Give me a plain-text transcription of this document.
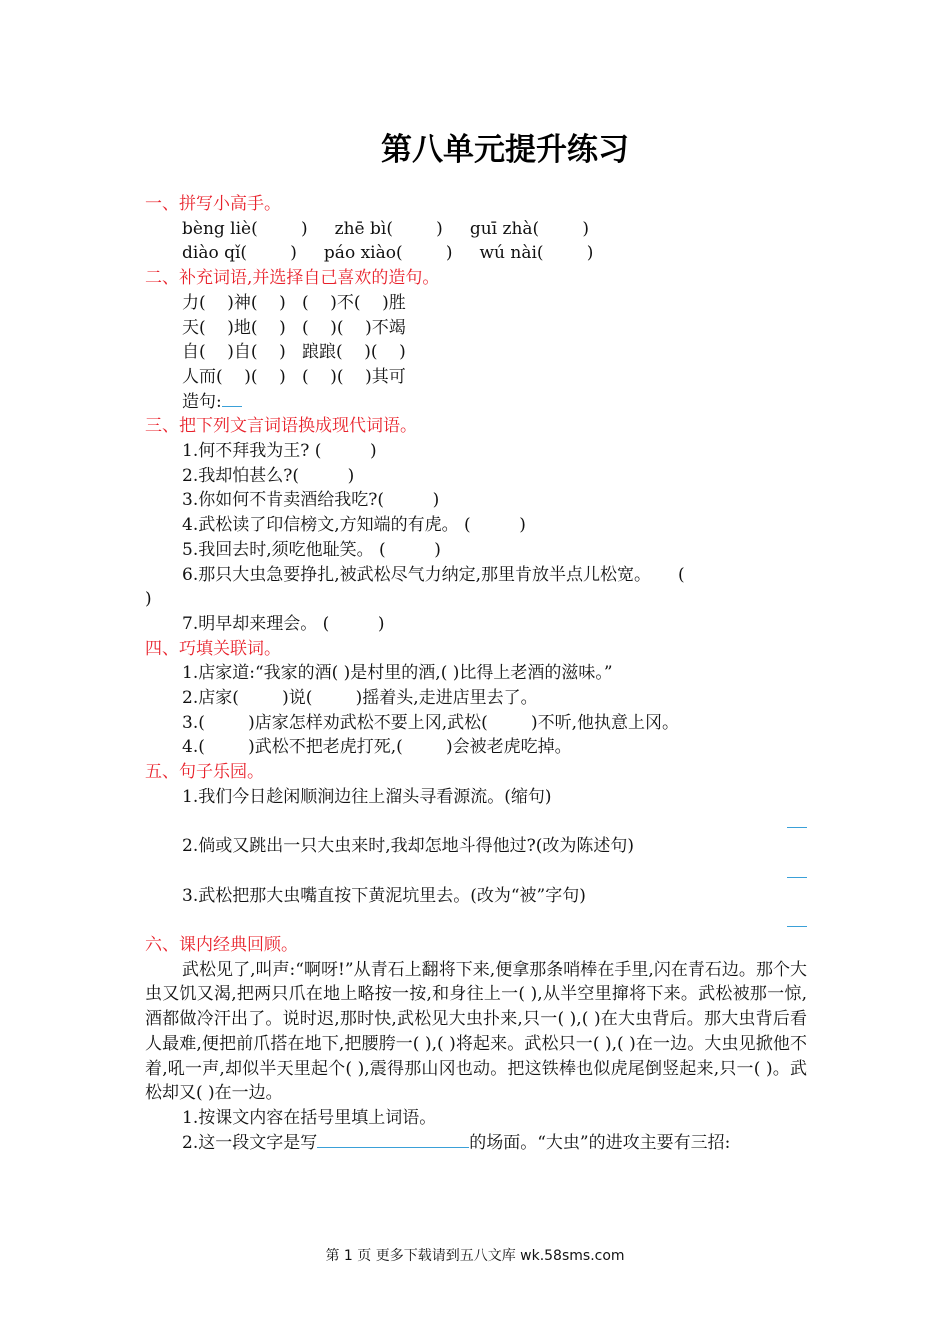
第八单元提升练习

一、拼写小高手。

bèng liè(        )     zhē bì(        )     guī zhà(        )

diào qǐ(        )     páo xiào(        )     wú nài(        )

二、补充词语,并选择自己喜欢的造句。

力(    )神(    )   (    )不(    )胜

天(    )地(    )   (    )(    )不竭

自(    )自(    )   踉踉(    )(    )

人而(    )(    )   (    )(    )其可

造句:

三、把下列文言词语换成现代词语。

1.何不拜我为王? (         )

2.我却怕甚么?(         )

3.你如何不肯卖酒给我吃?(         )

4.武松读了印信榜文,方知端的有虎。 (         )

5.我回去时,须吃他耻笑。 (         )

6.那只大虫急要挣扎,被武松尽气力纳定,那里肯放半点儿松宽。     (

)

7.明早却来理会。 (         )

四、巧填关联词。

1.店家道:“我家的酒( )是村里的酒,( )比得上老酒的滋味。”

2.店家(        )说(        )摇着头,走进店里去了。

3.(        )店家怎样劝武松不要上冈,武松(        )不听,他执意上冈。

4.(        )武松不把老虎打死,(        )会被老虎吃掉。

五、句子乐园。

1.我们今日趁闲顺涧边往上溜头寻看源流。(缩句)

2.倘或又跳出一只大虫来时,我却怎地斗得他过?(改为陈述句)

3.武松把那大虫嘴直按下黄泥坑里去。(改为“被”字句)

六、课内经典回顾。

武松见了,叫声:“啊呀!”从青石上翻将下来,便拿那条哨棒在手里,闪在青石边。那个大虫又饥又渴,把两只爪在地上略按一按,和身往上一( ),从半空里撺将下来。武松被那一惊,酒都做冷汗出了。说时迟,那时快,武松见大虫扑来,只一( ),( )在大虫背后。那大虫背后看人最难,便把前爪搭在地下,把腰胯一( ),( )将起来。武松只一( ),( )在一边。大虫见掀他不着,吼一声,却似半天里起个( ),震得那山冈也动。把这铁棒也似虎尾倒竖起来,只一( )。武松却又( )在一边。

1.按课文内容在括号里填上词语。

2.这一段文字是写	的场面。“大虫”的进攻主要有三招:

第 1 页 更多下载请到五八文库 wk.58sms.com
